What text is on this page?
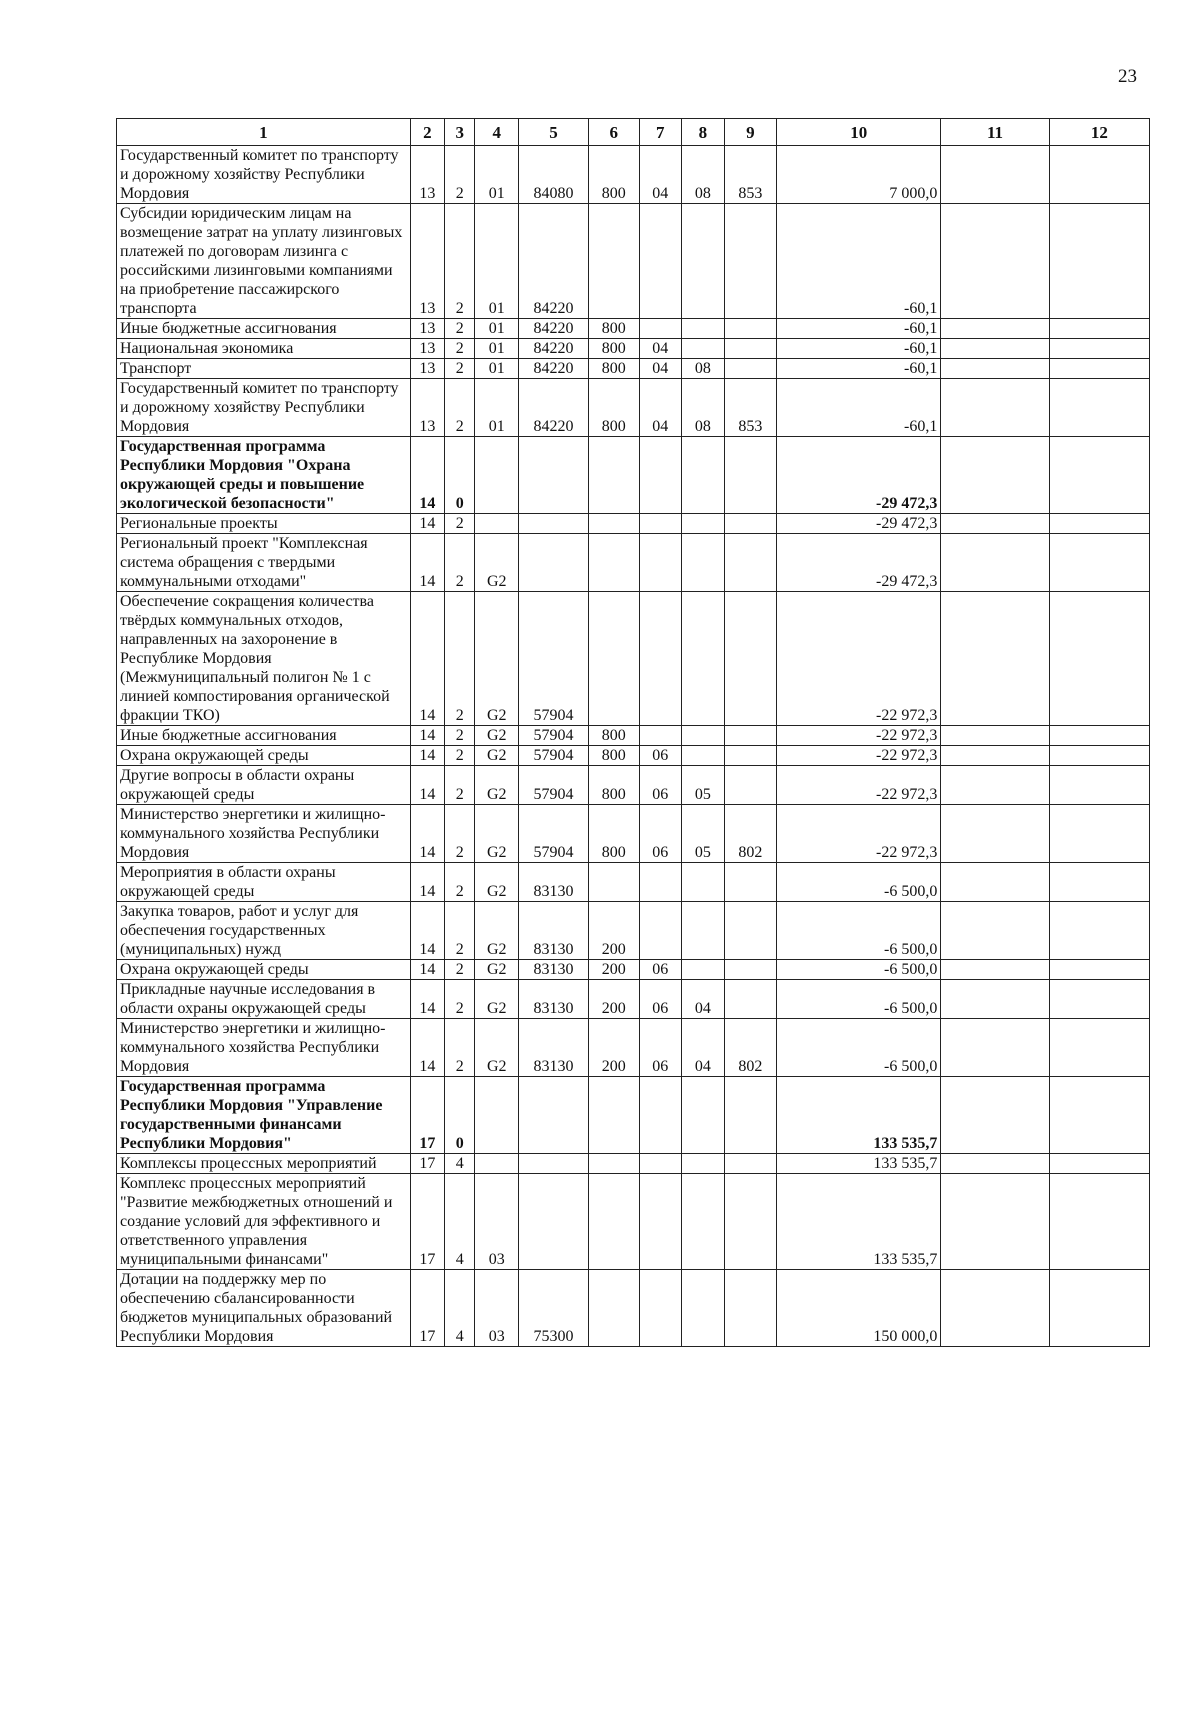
23
1	2	3	4	5	6	7	8	9	10	11	12
Государственный комитет по транспорту и дорожному хозяйству Республики Мордовия	13	2	01	84080	800	04	08	853	7 000,0		
Субсидии юридическим лицам на возмещение затрат на уплату лизинговых платежей по договорам лизинга с российскими лизинговыми компаниями на приобретение пассажирского транспорта	13	2	01	84220					-60,1		
Иные бюджетные ассигнования	13	2	01	84220	800				-60,1		
Национальная экономика	13	2	01	84220	800	04			-60,1		
Транспорт	13	2	01	84220	800	04	08		-60,1		
Государственный комитет по транспорту и дорожному хозяйству Республики Мордовия	13	2	01	84220	800	04	08	853	-60,1		
Государственная программа Республики Мордовия "Охрана окружающей среды и повышение экологической безопасности"	14	0							-29 472,3		
Региональные проекты	14	2							-29 472,3		
Региональный проект "Комплексная система обращения с твердыми коммунальными отходами"	14	2	G2						-29 472,3		
Обеспечение сокращения количества твёрдых коммунальных отходов, направленных на захоронение в Республике Мордовия (Межмуниципальный полигон № 1 с линией компостирования органической фракции ТКО)	14	2	G2	57904					-22 972,3		
Иные бюджетные ассигнования	14	2	G2	57904	800				-22 972,3		
Охрана окружающей среды	14	2	G2	57904	800	06			-22 972,3		
Другие вопросы в области охраны окружающей среды	14	2	G2	57904	800	06	05		-22 972,3		
Министерство энергетики и жилищно-коммунального хозяйства Республики Мордовия	14	2	G2	57904	800	06	05	802	-22 972,3		
Мероприятия в области охраны окружающей среды	14	2	G2	83130					-6 500,0		
Закупка товаров, работ и услуг для обеспечения государственных (муниципальных) нужд	14	2	G2	83130	200				-6 500,0		
Охрана окружающей среды	14	2	G2	83130	200	06			-6 500,0		
Прикладные научные исследования в области охраны окружающей среды	14	2	G2	83130	200	06	04		-6 500,0		
Министерство энергетики и жилищно-коммунального хозяйства Республики Мордовия	14	2	G2	83130	200	06	04	802	-6 500,0		
Государственная программа Республики Мордовия "Управление государственными финансами Республики Мордовия"	17	0							133 535,7		
Комплексы процессных мероприятий	17	4							133 535,7		
Комплекс процессных мероприятий "Развитие межбюджетных отношений и создание условий для эффективного и ответственного управления муниципальными финансами"	17	4	03						133 535,7		
Дотации на поддержку мер по обеспечению сбалансированности бюджетов муниципальных образований Республики Мордовия	17	4	03	75300					150 000,0		
